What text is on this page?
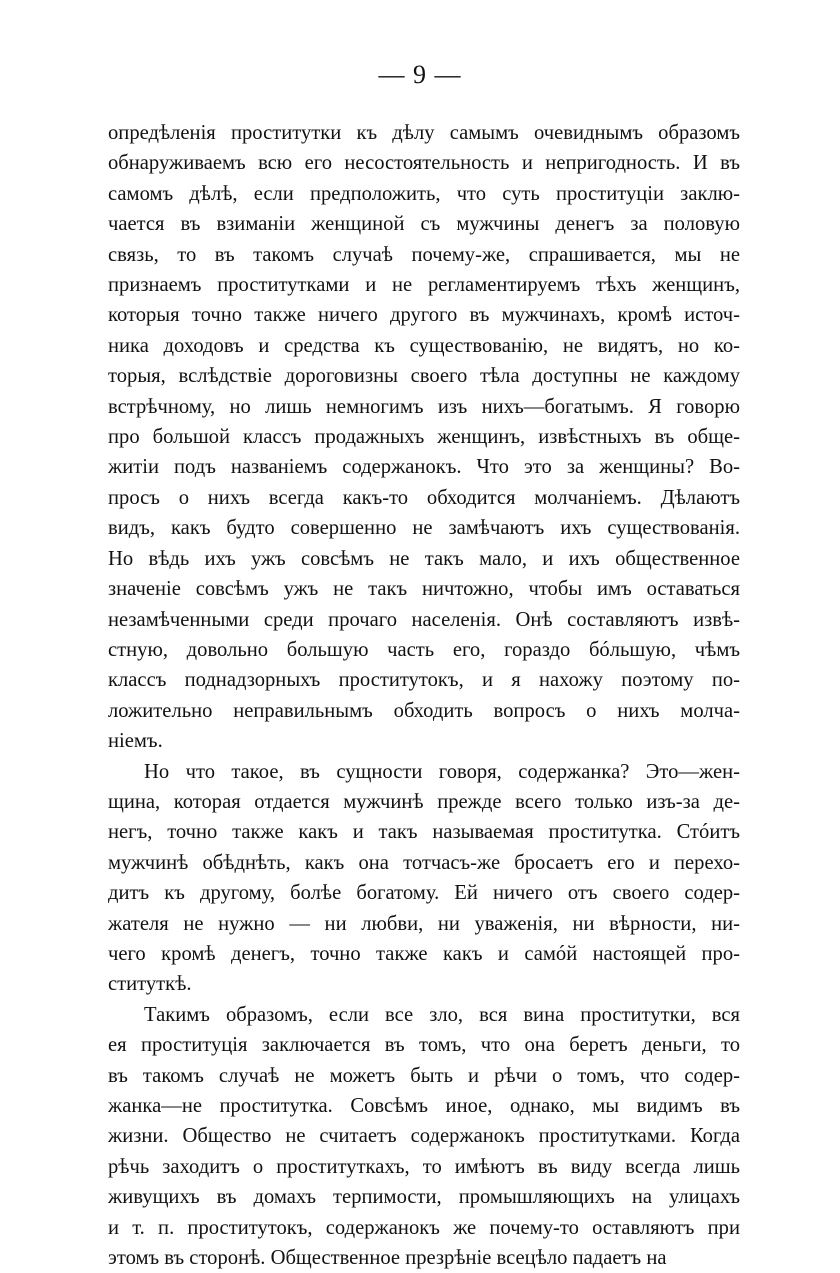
— 9 —

опредѣленія проститутки къ дѣлу самымъ очевиднымъ образомъ
обнаруживаемъ всю его несостоятельность и непригодность. И въ
самомъ дѣлѣ, если предположить, что суть проституціи заклю-
чается въ взиманіи женщиной съ мужчины денегъ за половую
связь, то въ такомъ случаѣ почему-же, спрашивается, мы не
признаемъ проститутками и не регламентируемъ тѣхъ женщинъ,
которыя точно также ничего другого въ мужчинахъ, кромѣ источ-
ника доходовъ и средства къ существованію, не видятъ, но ко-
торыя, вслѣдствіе дороговизны своего тѣла доступны не каждому
встрѣчному, но лишь немногимъ изъ нихъ—богатымъ. Я говорю
про большой классъ продажныхъ женщинъ, извѣстныхъ въ обще-
житіи подъ названіемъ содержанокъ. Что это за женщины? Во-
просъ о нихъ всегда какъ-то обходится молчаніемъ. Дѣлаютъ
видъ, какъ будто совершенно не замѣчаютъ ихъ существованія.
Но вѣдь ихъ ужъ совсѣмъ не такъ мало, и ихъ общественное
значеніе совсѣмъ ужъ не такъ ничтожно, чтобы имъ оставаться
незамѣченными среди прочаго населенія. Онѣ составляютъ извѣ-
стную, довольно большую часть его, гораздо бóльшую, чѣмъ
классъ поднадзорныхъ проститутокъ, и я нахожу поэтому по-
ложительно неправильнымъ обходить вопросъ о нихъ молча-
ніемъ.

Но что такое, въ сущности говоря, содержанка? Это—жен-
щина, которая отдается мужчинѣ прежде всего только изъ-за де-
негъ, точно также какъ и такъ называемая проститутка. Стóитъ
мужчинѣ обѣднѣть, какъ она тотчасъ-же бросаетъ его и перехо-
дитъ къ другому, болѣе богатому. Ей ничего отъ своего содер-
жателя не нужно — ни любви, ни уваженія, ни вѣрности, ни-
чего кромѣ денегъ, точно также какъ и самóй настоящей про-
ституткѣ.

Такимъ образомъ, если все зло, вся вина проститутки, вся
ея проституція заключается въ томъ, что она беретъ деньги, то
въ такомъ случаѣ не можетъ быть и рѣчи о томъ, что содер-
жанка—не проститутка. Совсѣмъ иное, однако, мы видимъ въ
жизни. Общество не считаетъ содержанокъ проститутками. Когда
рѣчь заходитъ о проституткахъ, то имѣютъ въ виду всегда лишь
живущихъ въ домахъ терпимости, промышляющихъ на улицахъ
и т. п. проститутокъ, содержанокъ же почему-то оставляютъ при
этомъ въ сторонѣ. Общественное презрѣніе всецѣло падаетъ на
